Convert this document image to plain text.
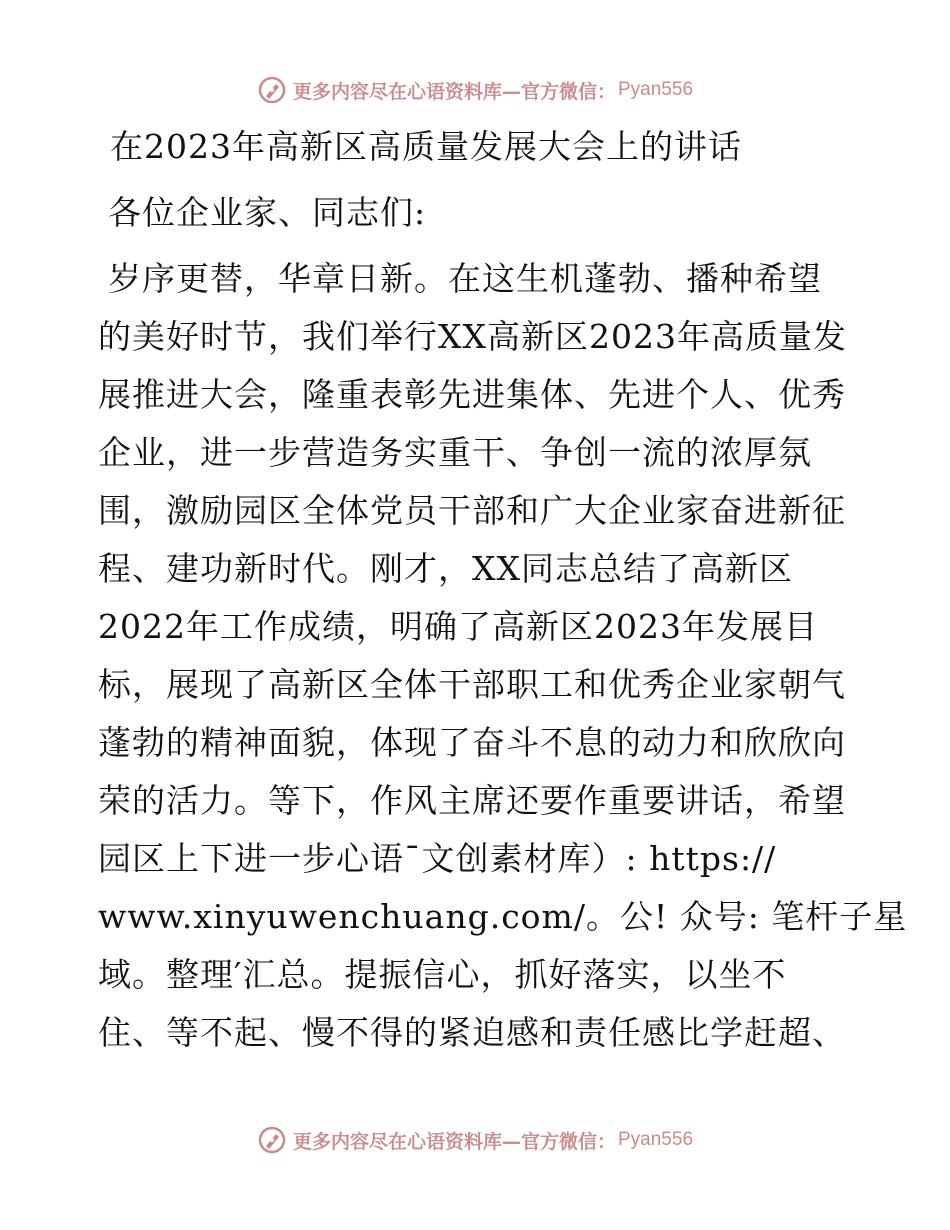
更多内容尽在心语资料库—官方微信： Pyan556
在2023年高新区高质量发展大会上的讲话
各位企业家、同志们:
岁序更替，华章日新。在这生机蓬勃、播种希望
的美好时节，我们举行XX高新区2023年高质量发
展推进大会，隆重表彰先进集体、先进个人、优秀
企业，进一步营造务实重干、争创一流的浓厚氛
围，激励园区全体党员干部和广大企业家奋进新征
程、建功新时代。刚才，XX同志总结了高新区
2022年工作成绩，明确了高新区2023年发展目
标，展现了高新区全体干部职工和优秀企业家朝气
蓬勃的精神面貌，体现了奋斗不息的动力和欣欣向
荣的活力。等下，作风主席还要作重要讲话，希望
园区上下进一步心语¯文创素材库）: https://
www.xinyuwenchuang.com/。公! 众号: 笔杆子星
域。整理′汇总。提振信心，抓好落实，以坐不
住、等不起、慢不得的紧迫感和责任感比学赶超、
更多内容尽在心语资料库—官方微信： Pyan556
